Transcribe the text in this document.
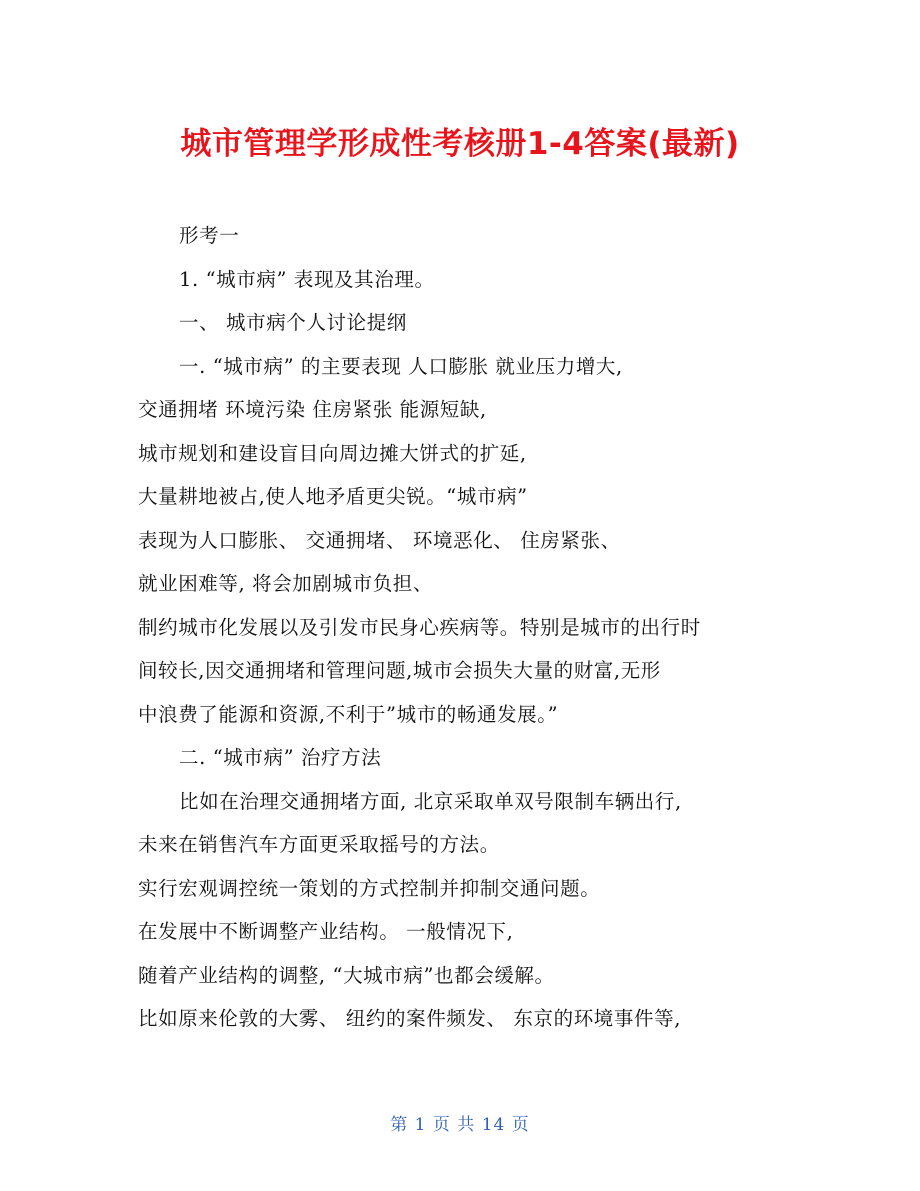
城市管理学形成性考核册1-4答案(最新)
形考一
1. “城市病” 表现及其治理。
一、 城市病个人讨论提纲
一. “城市病” 的主要表现 人口膨胀 就业压力增大,
交通拥堵 环境污染 住房紧张 能源短缺,
城市规划和建设盲目向周边摊大饼式的扩延,
大量耕地被占,使人地矛盾更尖锐。“城市病”
表现为人口膨胀、 交通拥堵、 环境恶化、 住房紧张、
就业困难等, 将会加剧城市负担、
制约城市化发展以及引发市民身心疾病等。特别是城市的出行时
间较长,因交通拥堵和管理问题,城市会损失大量的财富,无形
中浪费了能源和资源,不利于”城市的畅通发展。”
二. “城市病” 治疗方法
比如在治理交通拥堵方面, 北京采取单双号限制车辆出行,
未来在销售汽车方面更采取摇号的方法。
实行宏观调控统一策划的方式控制并抑制交通问题。
在发展中不断调整产业结构。 一般情况下,
随着产业结构的调整, “大城市病”也都会缓解。
比如原来伦敦的大雾、 纽约的案件频发、 东京的环境事件等,
第 1 页 共 14 页
